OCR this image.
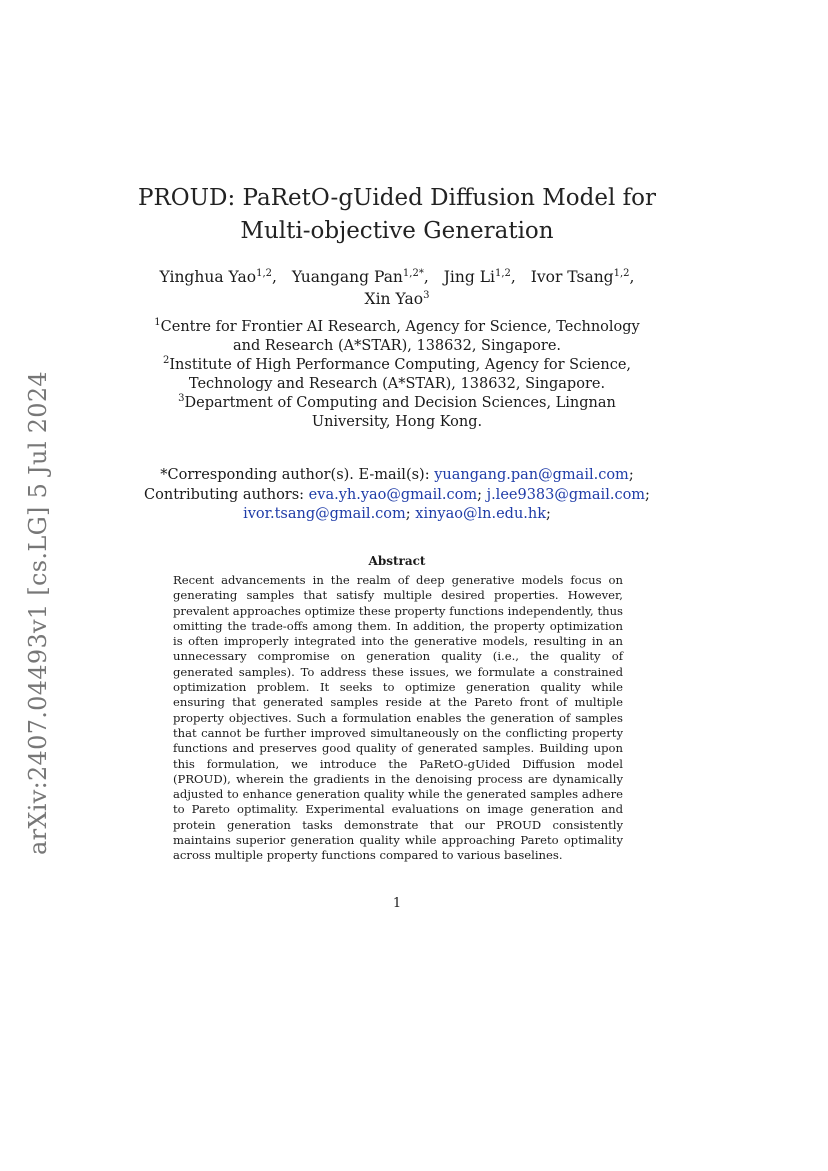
arXiv:2407.04493v1 [cs.LG] 5 Jul 2024
PROUD: PaRetO-gUided Diffusion Model for
Multi-objective Generation
Yinghua Yao$^{1,2}$, Yuangang Pan$^{1,2*}$, Jing Li$^{1,2}$, Ivor Tsang$^{1,2}$,
Xin Yao$^3$
$^1$Centre for Frontier AI Research, Agency for Science, Technology and Research (A*STAR), 138632, Singapore.
$^2$Institute of High Performance Computing, Agency for Science, Technology and Research (A*STAR), 138632, Singapore.
$^3$Department of Computing and Decision Sciences, Lingnan University, Hong Kong.
*Corresponding author(s). E-mail(s): yuangang.pan@gmail.com;
Contributing authors: eva.yh.yao@gmail.com; j.lee9383@gmail.com;
ivor.tsang@gmail.com; xinyao@ln.edu.hk;
Abstract

Recent advancements in the realm of deep generative models focus on generating samples that satisfy multiple desired properties. However, prevalent approaches optimize these property functions independently, thus omitting the trade-offs among them. In addition, the property optimization is often improperly integrated into the generative models, resulting in an unnecessary compromise on generation quality (i.e., the quality of generated samples). To address these issues, we formulate a constrained optimization problem. It seeks to optimize generation quality while ensuring that generated samples reside at the Pareto front of multiple property objectives. Such a formulation enables the generation of samples that cannot be further improved simultaneously on the conflicting property functions and preserves good quality of generated samples. Building upon this formulation, we introduce the PaRetO-gUided Diffusion model (PROUD), wherein the gradients in the denoising process are dynamically adjusted to enhance generation quality while the generated samples adhere to Pareto optimality. Experimental evaluations on image generation and protein generation tasks demonstrate that our PROUD consistently maintains superior generation quality while approaching Pareto optimality across multiple property functions compared to various baselines.

1
